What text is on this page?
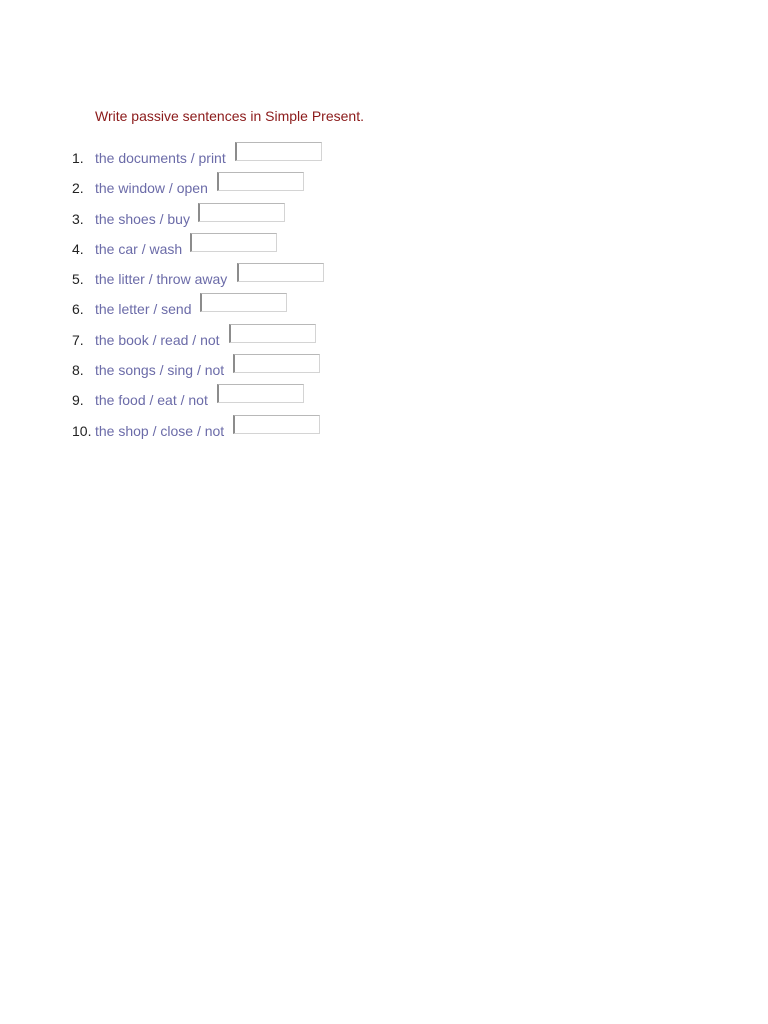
Write passive sentences in Simple Present.
1. the documents / print
2. the window / open
3. the shoes / buy
4. the car / wash
5. the litter / throw away
6. the letter / send
7. the book / read / not
8. the songs / sing / not
9. the food / eat / not
10. the shop / close / not
